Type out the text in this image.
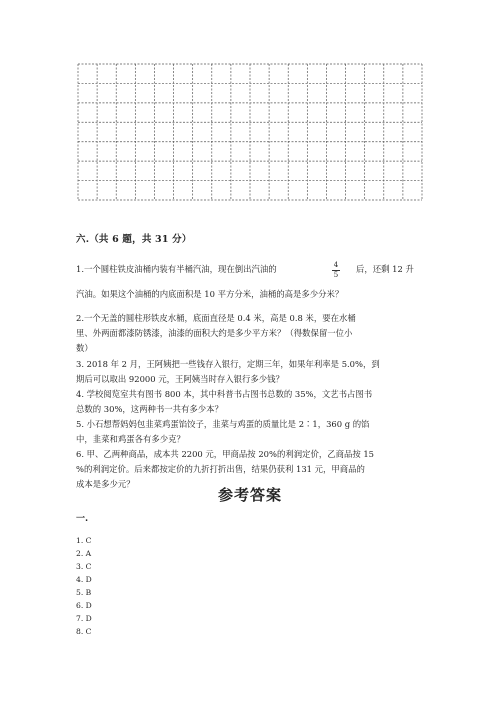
六.（共 6 题，共 31 分）
1.一个圆柱铁皮油桶内装有半桶汽油，现在倒出汽油的	4
5
后，还剩 12 升
汽油。如果这个油桶的内底面积是 10 平方分米，油桶的高是多少分米？
2.一个无盖的圆柱形铁皮水桶，底面直径是 0.4 米，高是 0.8 米，要在水桶
里、外两面都漆防锈漆，油漆的面积大约是多少平方米？（得数保留一位小
数）
3. 2018 年 2 月，王阿姨把一些钱存入银行，定期三年，如果年利率是 5.0%，到
期后可以取出 92000 元，王阿姨当时存入银行多少钱？
4. 学校阅览室共有图书 800 本，其中科普书占图书总数的 35%，文艺书占图书
总数的 30%，这两种书一共有多少本？
5. 小石想帮妈妈包韭菜鸡蛋馅饺子，韭菜与鸡蛋的质量比是 2∶1，360 g 的馅
中，韭菜和鸡蛋各有多少克？
6. 甲、乙两种商品，成本共 2200 元，甲商品按 20%的利润定价，乙商品按 15
%的利润定价。后来都按定价的九折打折出售，结果仍获利 131 元，甲商品的
成本是多少元？
参考答案
一.
1. C
2. A
3. C
4. D
5. B
6. D
7. D
8. C
